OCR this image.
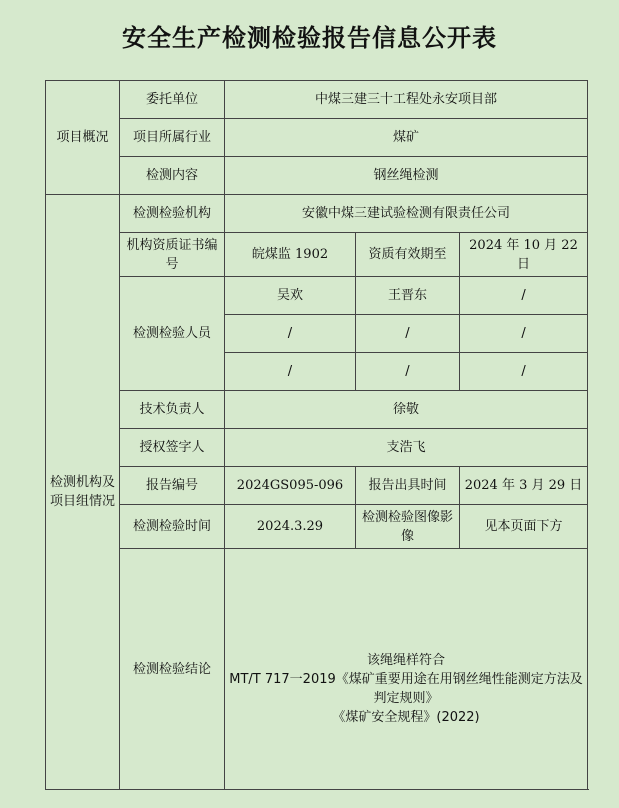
安全生产检测检验报告信息公开表
项目概况	委托单位	中煤三建三十工程处永安项目部		
	项目所属行业	煤矿		
	检测内容	钢丝绳检测		
检测机构及项目组情况	检测检验机构	安徽中煤三建试验检测有限责任公司		
	机构资质证书编号	皖煤监 1902	资质有效期至	2024 年 10 月 22 日
	检测检验人员	吴欢	王晋东	/
		/	/	/
		/	/	/
	技术负责人	徐敬		
	授权签字人	支浩飞		
	报告编号	2024GS095-096	报告出具时间	2024 年 3 月 29 日
	检测检验时间	2024.3.29	检测检验图像影像	见本页面下方
	检测检验结论	该绳绳样符合
MT/T 717一2019《煤矿重要用途在用钢丝绳性能测定方法及判定规则》
《煤矿安全规程》(2022)		
